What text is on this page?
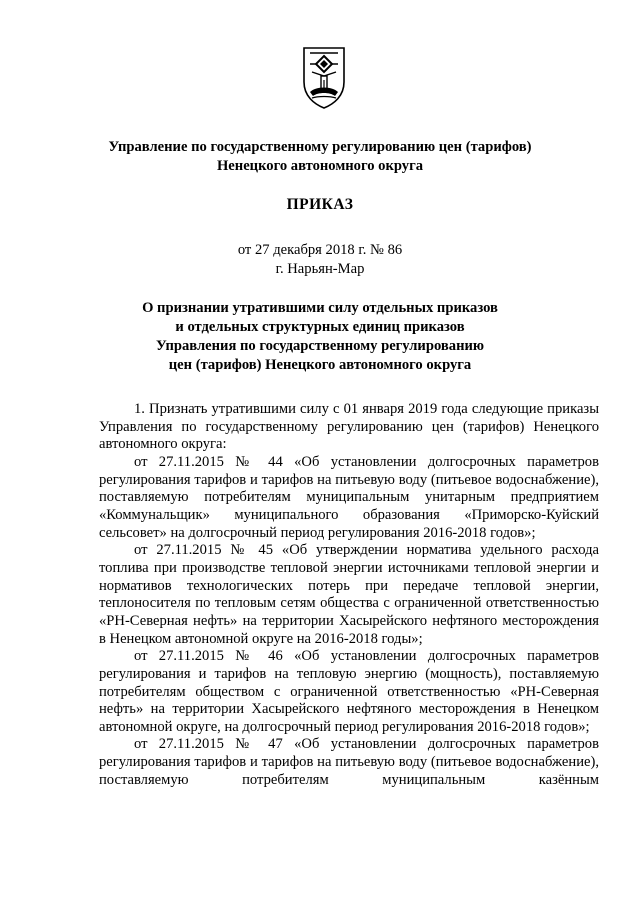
Управление по государственному регулированию цен (тарифов)
Ненецкого автономного округа
ПРИКАЗ
от 27 декабря 2018 г. № 86
г. Нарьян-Мар
О признании утратившими силу отдельных приказов
и отдельных структурных единиц приказов
Управления по государственному регулированию
цен (тарифов) Ненецкого автономного округа

1. Признать утратившими силу с 01 января 2019 года следующие приказы Управления по государственному регулированию цен (тарифов) Ненецкого автономного округа:

от 27.11.2015 № 44 «Об установлении долгосрочных параметров регулирования тарифов и тарифов на питьевую воду (питьевое водоснабжение), поставляемую потребителям муниципальным унитарным предприятием «Коммунальщик» муниципального образования «Приморско-Куйский сельсовет» на долгосрочный период регулирования 2016-2018 годов»;

от 27.11.2015 № 45 «Об утверждении норматива удельного расхода топлива при производстве тепловой энергии источниками тепловой энергии и нормативов технологических потерь при передаче тепловой энергии, теплоносителя по тепловым сетям общества с ограниченной ответственностью «РН-Северная нефть» на территории Хасырейского нефтяного месторождения в Ненецком автономной округе на 2016-2018 годы»;

от 27.11.2015 № 46 «Об установлении долгосрочных параметров регулирования и тарифов на тепловую энергию (мощность), поставляемую потребителям обществом с ограниченной ответственностью «РН-Северная нефть» на территории Хасырейского нефтяного месторождения в Ненецком автономной округе, на долгосрочный период регулирования 2016-2018 годов»;

от 27.11.2015 № 47 «Об установлении долгосрочных параметров регулирования тарифов и тарифов на питьевую воду (питьевое водоснабжение), поставляемую потребителям муниципальным казённым
